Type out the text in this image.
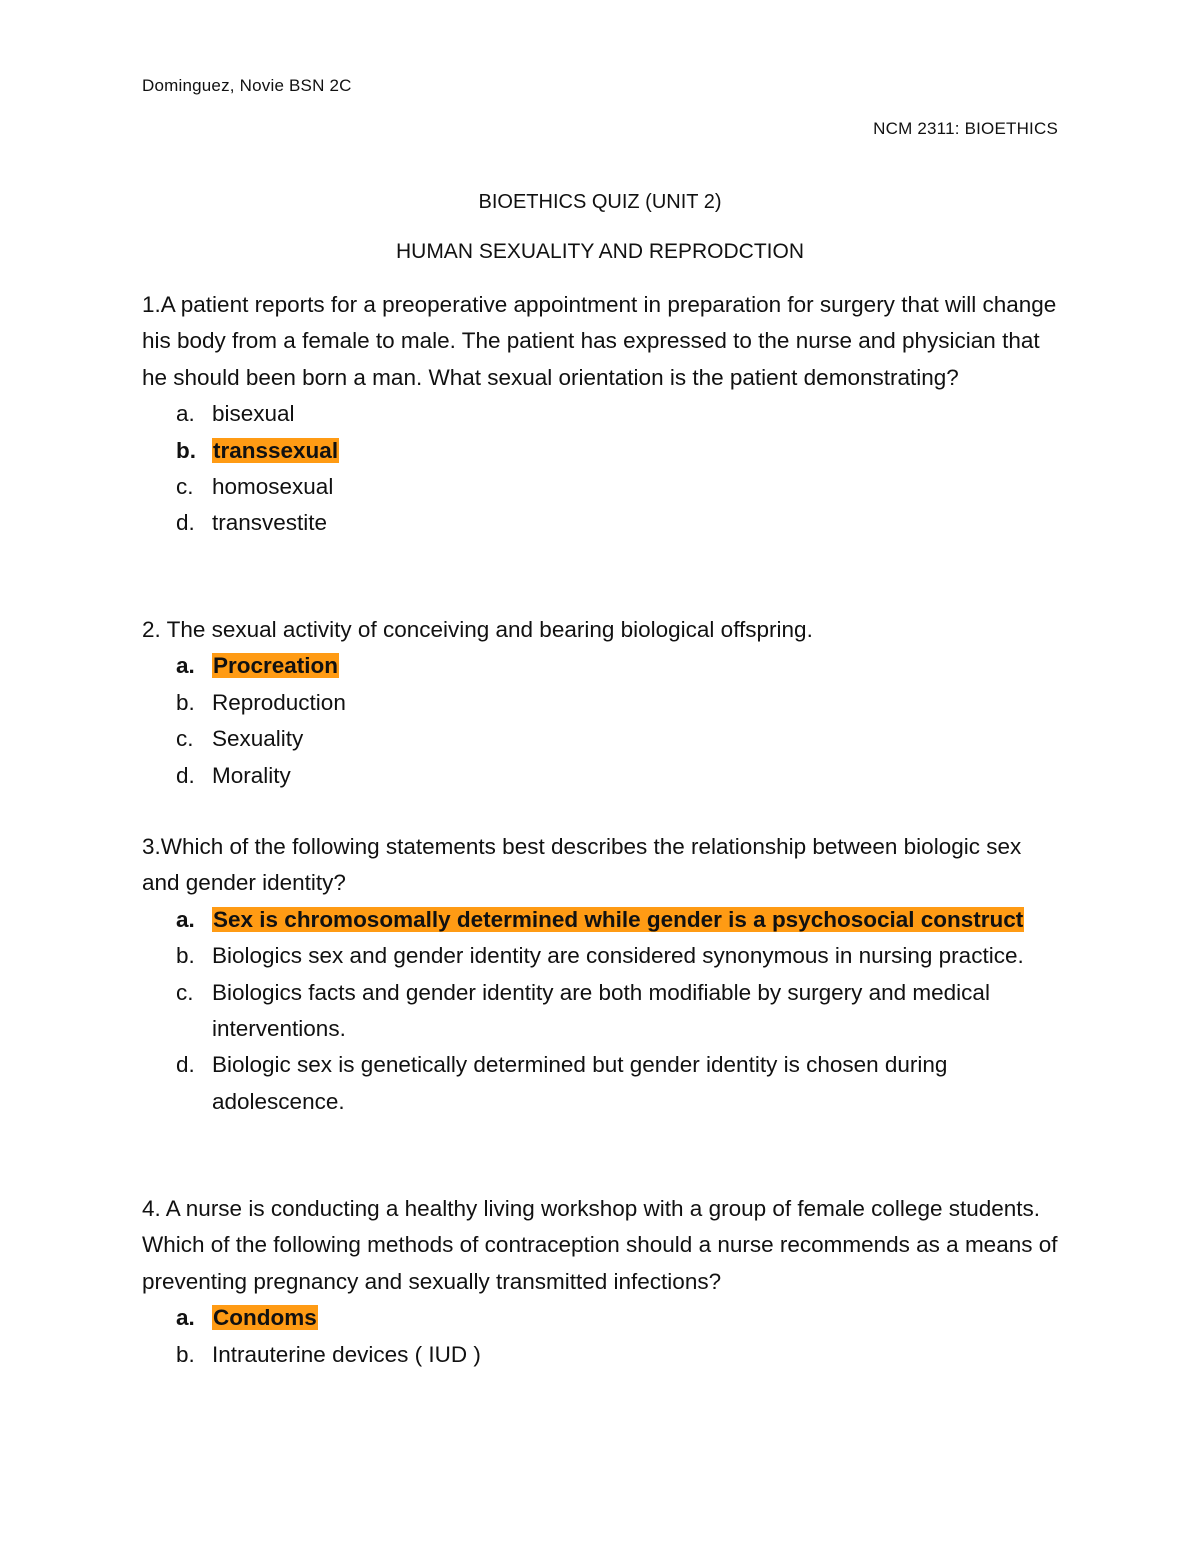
Dominguez, Novie BSN 2C
NCM 2311: BIOETHICS
BIOETHICS QUIZ (UNIT 2)
HUMAN SEXUALITY AND REPRODCTION

1.A patient reports for a preoperative appointment in preparation for surgery that will change his body from a female to male. The patient has expressed to the nurse and physician that he should been born a man. What sexual orientation is the patient demonstrating?

a. bisexual
b. transsexual
c. homosexual
d. transvestite

2. The sexual activity of conceiving and bearing biological offspring.

a. Procreation
b. Reproduction
c. Sexuality
d. Morality

3.Which of the following statements best describes the relationship between biologic sex and gender identity?

a. Sex is chromosomally determined while gender is a psychosocial construct
b. Biologics sex and gender identity are considered synonymous in nursing practice.
c. Biologics facts and gender identity are both modifiable by surgery and medical interventions.
d. Biologic sex is genetically determined but gender identity is chosen during adolescence.

4. A nurse is conducting a healthy living workshop with a group of female college students. Which of the following methods of contraception should a nurse recommends as a means of preventing pregnancy and sexually transmitted infections?

a. Condoms
b. Intrauterine devices ( IUD )
